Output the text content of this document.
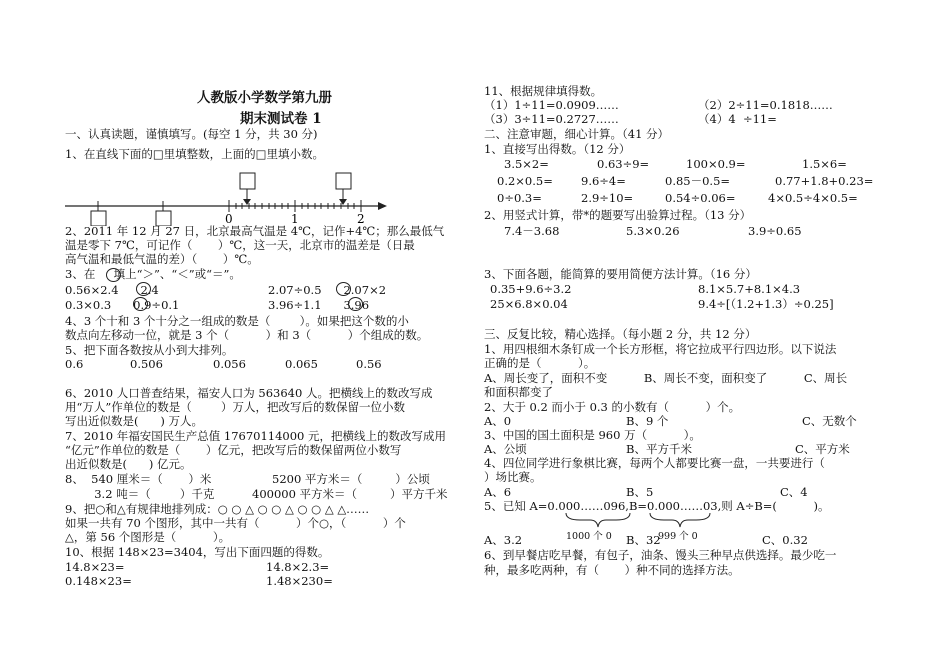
人教版小学数学第九册
期末测试卷 1
一、认真读题，谨慎填写。(每空 1 分，共 30 分)
1、在直线下面的□里填整数，上面的□里填小数。
0	1	2
2、2011 年 12 月 27 日，北京最高气温是 4℃，记作+4℃；那么最低气
温是零下 7℃，可记作（       ）℃，这一天，北京市的温差是（日最
高气温和最低气温的差）（       ）℃。
3、在     填上“＞”、“＜”或“＝”。
0.56×2.4      2.4	2.07÷0.5      2.07×2
0.3×0.3      0.9÷0.1	3.96÷1.1      3.96
4、3 个十和 3 个十分之一组成的数是（        ）。如果把这个数的小
数点向左移动一位，就是 3 个（          ）和 3（          ）个组成的数。
5、把下面各数按从小到大排列。
0.6	0.506	0.056	0.065	0.56
6、2010 人口普查结果，福安人口为 563640 人。把横线上的数改写成
用“万人”作单位的数是（        ）万人，把改写后的数保留一位小数
写出近似数是(      ) 万人。
7、2010 年福安国民生产总值 17670114000 元，把横线上的数改写成用
“亿元”作单位的数是（       ）亿元，把改写后的数保留两位小数写
出近似数是(      ) 亿元。
8、  540 厘米＝（       ）米	5200 平方米＝（         ）公顷
3.2 吨＝（        ）千克	400000 平方米＝（         ）平方千米
9、把○和△有规律地排列成：○ ○ △ ○ ○ △ ○ ○ △ △……
如果一共有 70 个图形，其中一共有（          ）个○，（          ）个
△，第 56 个图形是（          ）。
10、根据 148×23=3404，写出下面四题的得数。
14.8×23=	14.8×2.3=
0.148×23=	1.48×230=
11、根据规律填得数。
（1）1÷11=0.0909……	（2）2÷11=0.1818……
（3）3÷11=0.2727……	（4）4  ÷11=
二、注意审题，细心计算。（41 分）
1、直接写出得数。（12 分）
3.5×2=	0.63÷9=	100×0.9=	1.5×6=
0.2×0.5= 9.6÷4=	0.85－0.5=	0.77+1.8+0.23=
0÷0.3=	2.9÷10=	0.54÷0.06=	4×0.5÷4×0.5=
2、用竖式计算，带*的题要写出验算过程。（13 分）
7.4－3.68	5.3×0.26	3.9÷0.65
3、下面各题，能简算的要用简便方法计算。（16 分）
0.35+9.6÷3.2	8.1×5.7+8.1×4.3
25×6.8×0.04	9.4÷[（1.2+1.3）÷0.25]
三、反复比较，精心选择。（每小题 2 分，共 12 分）
1、用四根细木条钉成一个长方形框，将它拉成平行四边形。以下说法
正确的是（          ）。
A、周长变了，面积不变          B、周长不变，面积变了          C、周长
和面积都变了
2、大于 0.2 而小于 0.3 的小数有（          ）个。
A、0	B、9 个	C、无数个
3、中国的国土面积是 960 万（          ）。
A、公顷	B、平方千米	C、平方米
4、四位同学进行象棋比赛，每两个人都要比赛一盘，一共要进行（
）场比赛。
A、6	B、5	C、4
5、已知 A=0.000……096,B=0.000……03,则 A÷B=(          )。
1000 个 0	999 个 0
A、3.2	B、32	C、0.32
6、到早餐店吃早餐，有包子，油条、馒头三种早点供选择。最少吃一
种，最多吃两种，有（       ）种不同的选择方法。
